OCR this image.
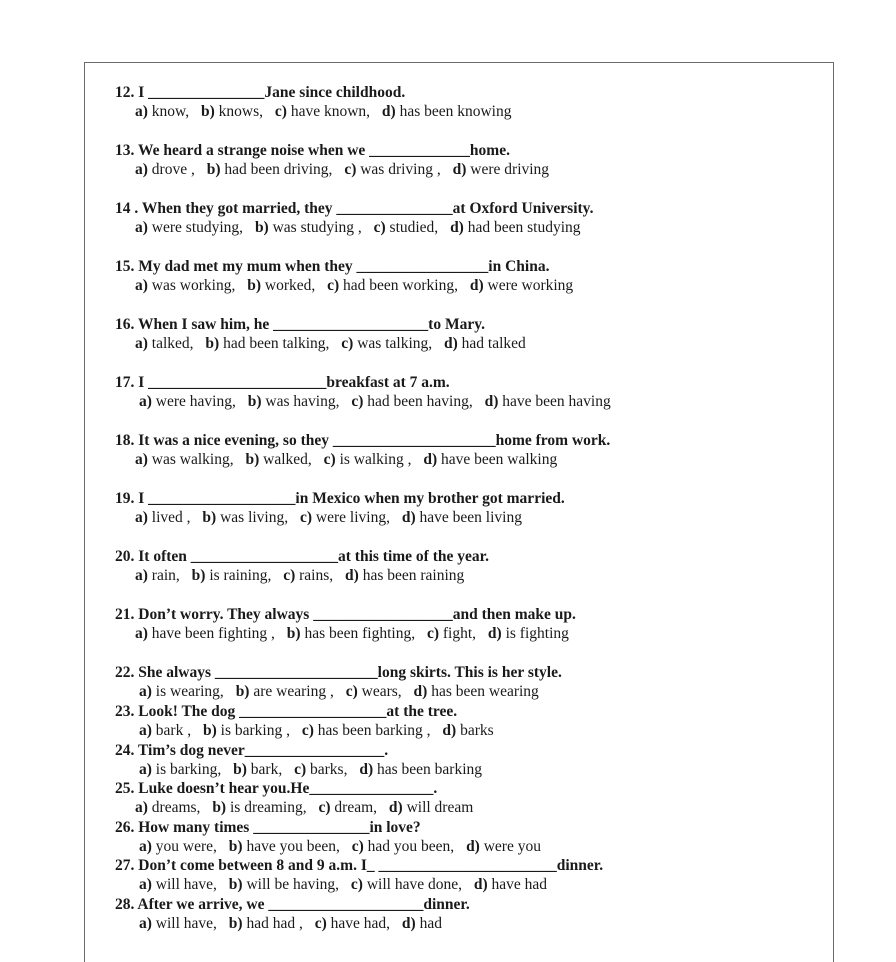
12. I _______________Jane since childhood.
a) know, b) knows, c) have known, d) has been knowing
13. We heard a strange noise when we _____________home.
a) drove , b) had been driving, c) was driving , d) were driving
14 . When they got married, they _______________at Oxford University.
a) were studying, b) was studying , c) studied, d) had been studying
15. My dad met my mum when they _________________in China.
a) was working, b) worked, c) had been working, d) were working
16. When I saw him, he ____________________to Mary.
a) talked, b) had been talking, c) was talking, d) had talked
17. I _______________________breakfast at 7 a.m.
a) were having, b) was having, c) had been having, d) have been having
18. It was a nice evening, so they _____________________home from work.
a) was walking, b) walked, c) is walking , d) have been walking
19. I ___________________in Mexico when my brother got married.
a) lived , b) was living, c) were living, d) have been living
20. It often ___________________at this time of the year.
a) rain, b) is raining, c) rains, d) has been raining
21. Don’t worry. They always __________________and then make up.
a) have been fighting , b) has been fighting, c) fight, d) is fighting
22. She always _____________________long skirts. This is her style.
a) is wearing, b) are wearing , c) wears, d) has been wearing
23. Look! The dog ___________________at the tree.
a) bark , b) is barking , c) has been barking , d) barks
24. Tim’s dog never__________________.
a) is barking, b) bark, c) barks, d) has been barking
25. Luke doesn’t hear you.He________________.
a) dreams, b) is dreaming, c) dream, d) will dream
26. How many times _______________in love?
a) you were, b) have you been, c) had you been, d) were you
27. Don’t come between 8 and 9 a.m. I_ _______________________dinner.
a) will have, b) will be having, c) will have done, d) have had
28. After we arrive, we ____________________dinner.
a) will have, b) had had , c) have had, d) had
